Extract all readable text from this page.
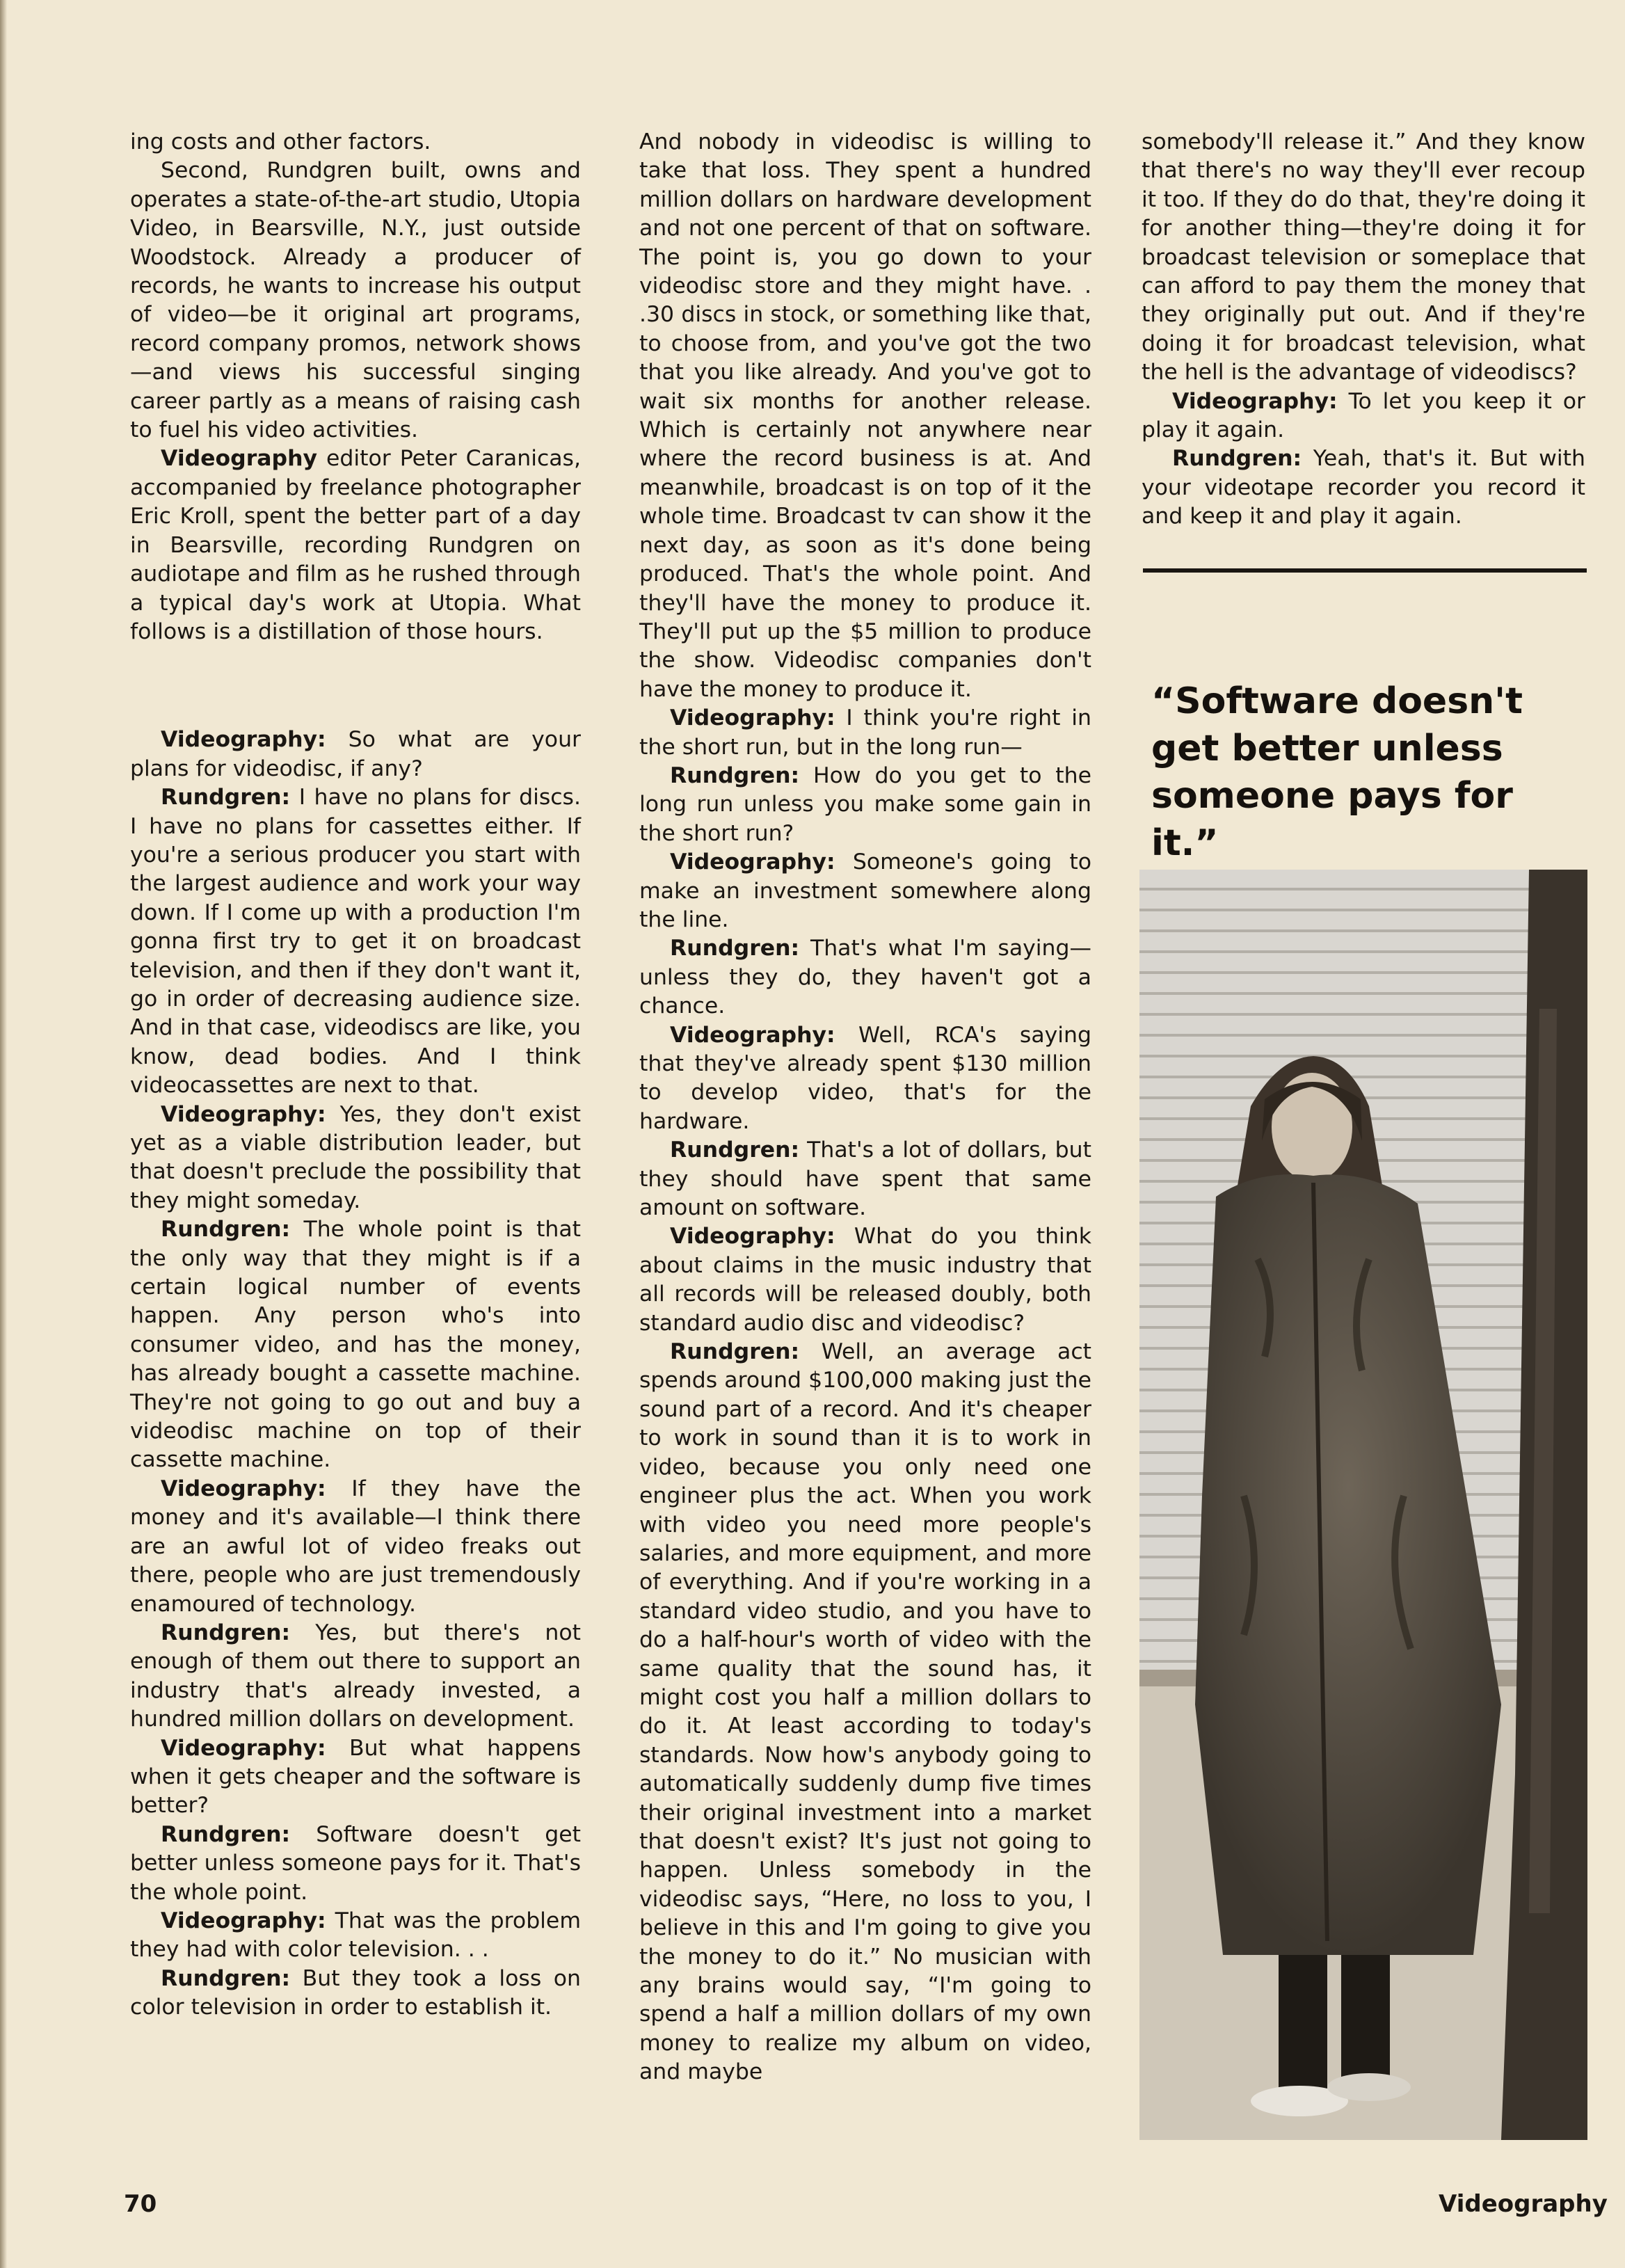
ing costs and other factors.

Second, Rundgren built, owns and operates a state-of-the-art studio, Utopia Video, in Bearsville, N.Y., just outside Woodstock. Already a producer of records, he wants to increase his output of video—be it original art programs, record company promos, network shows—and views his successful singing career partly as a means of raising cash to fuel his video activities.

Videography editor Peter Caranicas, accompanied by freelance photographer Eric Kroll, spent the better part of a day in Bearsville, recording Rundgren on audiotape and film as he rushed through a typical day's work at Utopia. What follows is a distillation of those hours.

Videography: So what are your plans for videodisc, if any?

Rundgren: I have no plans for discs. I have no plans for cassettes either. If you're a serious producer you start with the largest audience and work your way down. If I come up with a production I'm gonna first try to get it on broadcast television, and then if they don't want it, go in order of decreasing audience size. And in that case, videodiscs are like, you know, dead bodies. And I think videocassettes are next to that.

Videography: Yes, they don't exist yet as a viable distribution leader, but that doesn't preclude the possibility that they might someday.

Rundgren: The whole point is that the only way that they might is if a certain logical number of events happen. Any person who's into consumer video, and has the money, has already bought a cassette machine. They're not going to go out and buy a videodisc machine on top of their cassette machine.

Videography: If they have the money and it's available—I think there are an awful lot of video freaks out there, people who are just tremendously enamoured of technology.

Rundgren: Yes, but there's not enough of them out there to support an industry that's already invested, a hundred million dollars on development.

Videography: But what happens when it gets cheaper and the software is better?

Rundgren: Software doesn't get better unless someone pays for it. That's the whole point.

Videography: That was the problem they had with color television. . .

Rundgren: But they took a loss on color television in order to establish it.

And nobody in videodisc is willing to take that loss. They spent a hundred million dollars on hardware development and not one percent of that on software. The point is, you go down to your videodisc store and they might have. . .30 discs in stock, or something like that, to choose from, and you've got the two that you like already. And you've got to wait six months for another release. Which is certainly not anywhere near where the record business is at. And meanwhile, broadcast is on top of it the whole time. Broadcast tv can show it the next day, as soon as it's done being produced. That's the whole point. And they'll have the money to produce it. They'll put up the $5 million to produce the show. Videodisc companies don't have the money to produce it.

Videography: I think you're right in the short run, but in the long run—

Rundgren: How do you get to the long run unless you make some gain in the short run?

Videography: Someone's going to make an investment somewhere along the line.

Rundgren: That's what I'm saying—unless they do, they haven't got a chance.

Videography: Well, RCA's saying that they've already spent $130 million to develop video, that's for the hardware.

Rundgren: That's a lot of dollars, but they should have spent that same amount on software.

Videography: What do you think about claims in the music industry that all records will be released doubly, both standard audio disc and videodisc?

Rundgren: Well, an average act spends around $100,000 making just the sound part of a record. And it's cheaper to work in sound than it is to work in video, because you only need one engineer plus the act. When you work with video you need more people's salaries, and more equipment, and more of everything. And if you're working in a standard video studio, and you have to do a half-hour's worth of video with the same quality that the sound has, it might cost you half a million dollars to do it. At least according to today's standards. Now how's anybody going to automatically suddenly dump five times their original investment into a market that doesn't exist? It's just not going to happen. Unless somebody in the videodisc says, “Here, no loss to you, I believe in this and I'm going to give you the money to do it.” No musician with any brains would say, “I'm going to spend a half a million dollars of my own money to realize my album on video, and maybe

somebody'll release it.” And they know that there's no way they'll ever recoup it too. If they do do that, they're doing it for another thing—they're doing it for broadcast television or someplace that can afford to pay them the money that they originally put out. And if they're doing it for broadcast television, what the hell is the advantage of videodiscs?

Videography: To let you keep it or play it again.

Rundgren: Yeah, that's it. But with your videotape recorder you record it and keep it and play it again.

“Software doesn't get better unless someone pays for it.”
70	Videography
